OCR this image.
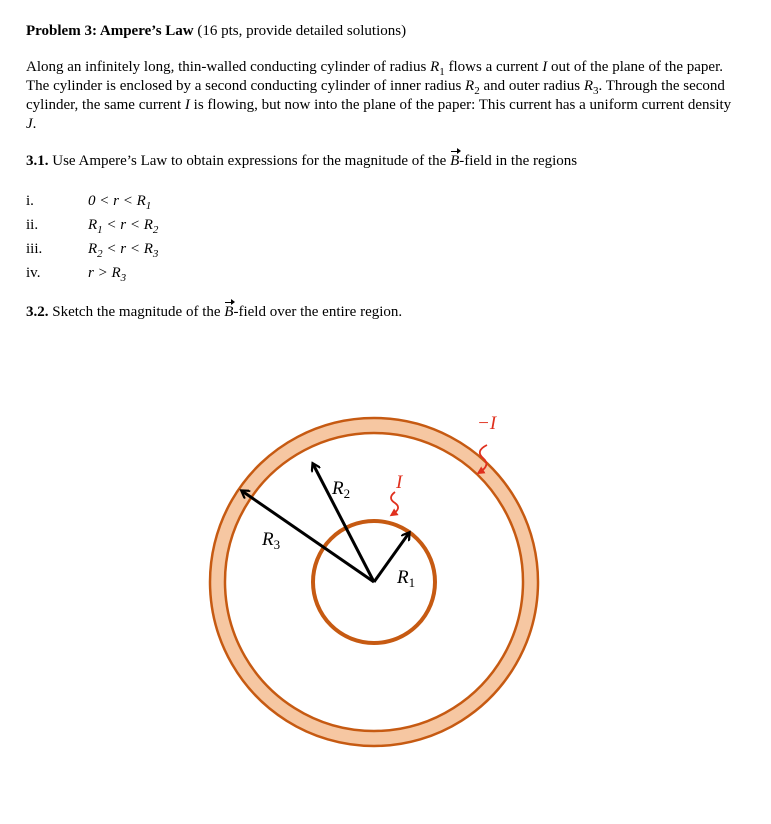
Problem 3: Ampere’s Law (16 pts, provide detailed solutions)

Along an infinitely long, thin-walled conducting cylinder of radius $R_1$ flows a current I out of the plane of the paper. The cylinder is enclosed by a second conducting cylinder of inner radius $R_2$ and outer radius $R_3$. Through the second cylinder, the same current I is flowing, but now into the plane of the paper: This current has a uniform current density J.

3.1. Use Ampere’s Law to obtain expressions for the magnitude of the B-field in the regions

i.	$0 < r < R_1$
ii.	$R_1 < r < R_2$
iii.	$R_2 < r < R_3$
iv.	$r > R_3$

3.2. Sketch the magnitude of the B-field over the entire region.

$R_1$
$R_2$
$R_3$
I
−I
